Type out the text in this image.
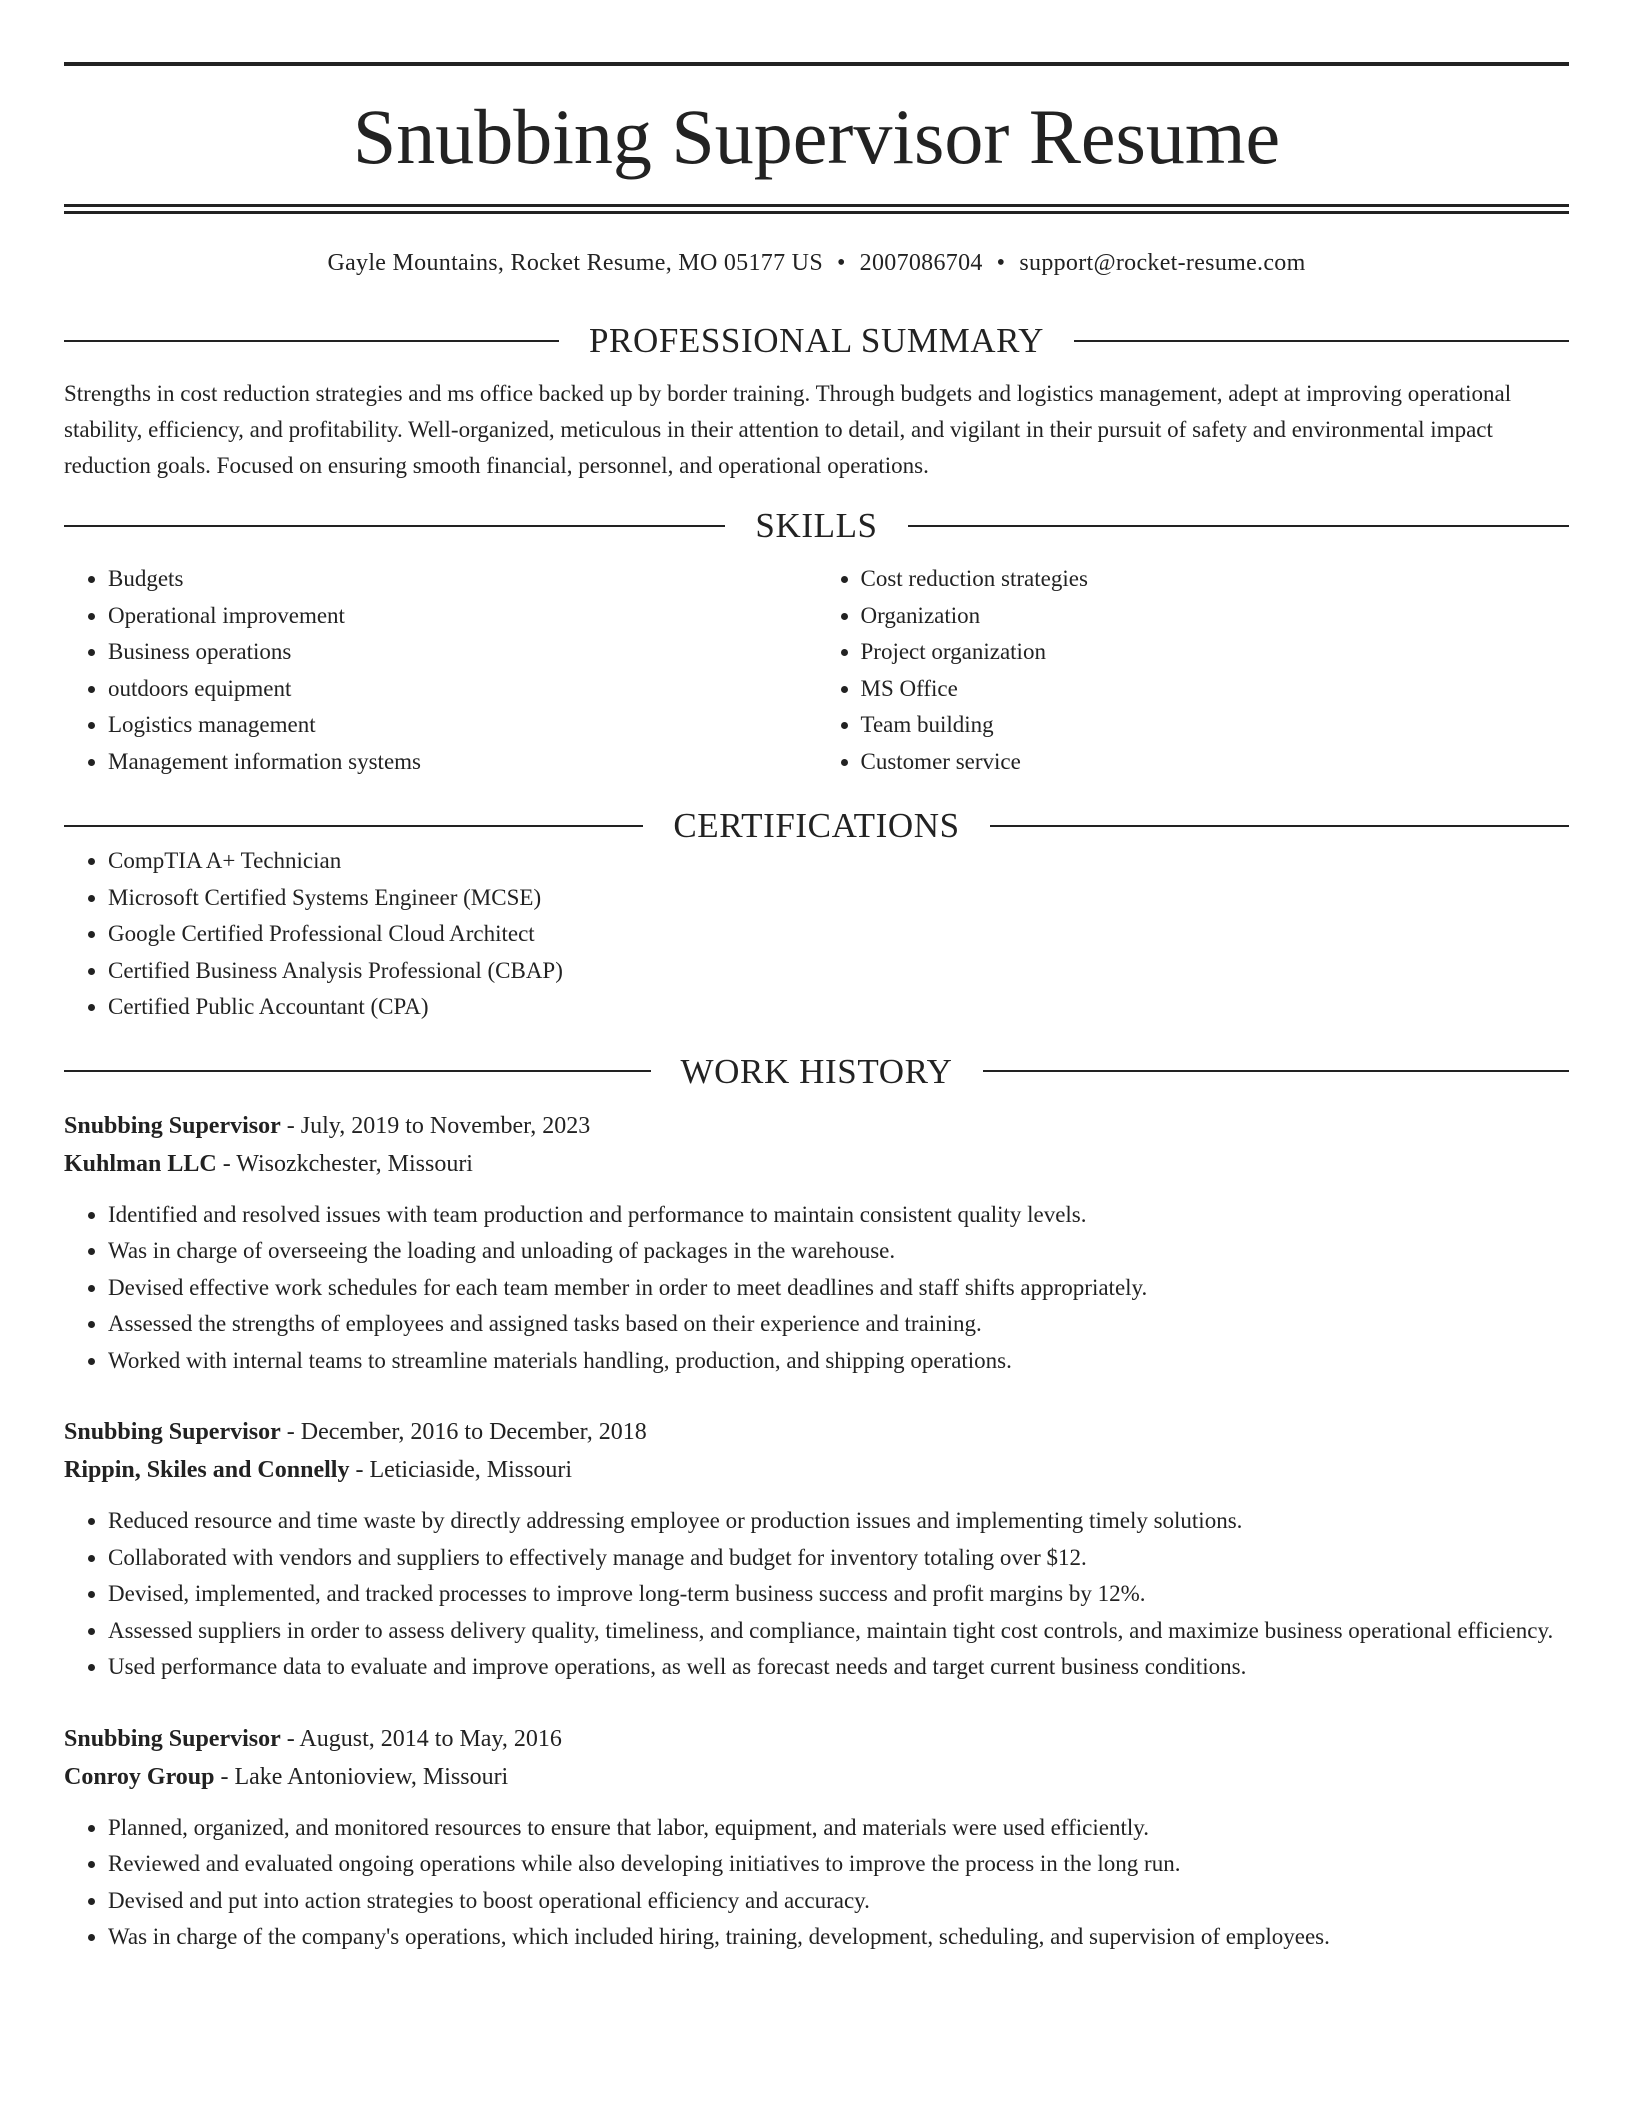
Snubbing Supervisor Resume
Gayle Mountains, Rocket Resume, MO 05177 US • 2007086704 • support@rocket-resume.com
PROFESSIONAL SUMMARY

Strengths in cost reduction strategies and ms office backed up by border training. Through budgets and logistics management, adept at improving operational stability, efficiency, and profitability. Well-organized, meticulous in their attention to detail, and vigilant in their pursuit of safety and environmental impact reduction goals. Focused on ensuring smooth financial, personnel, and operational operations.

SKILLS
• Budgets
• Operational improvement
• Business operations
• outdoors equipment
• Logistics management
• Management information systems
• Cost reduction strategies
• Organization
• Project organization
• MS Office
• Team building
• Customer service
CERTIFICATIONS
• CompTIA A+ Technician
• Microsoft Certified Systems Engineer (MCSE)
• Google Certified Professional Cloud Architect
• Certified Business Analysis Professional (CBAP)
• Certified Public Accountant (CPA)
WORK HISTORY
Snubbing Supervisor - July, 2019 to November, 2023
Kuhlman LLC - Wisozkchester, Missouri
• Identified and resolved issues with team production and performance to maintain consistent quality levels.
• Was in charge of overseeing the loading and unloading of packages in the warehouse.
• Devised effective work schedules for each team member in order to meet deadlines and staff shifts appropriately.
• Assessed the strengths of employees and assigned tasks based on their experience and training.
• Worked with internal teams to streamline materials handling, production, and shipping operations.
Snubbing Supervisor - December, 2016 to December, 2018
Rippin, Skiles and Connelly - Leticiaside, Missouri
• Reduced resource and time waste by directly addressing employee or production issues and implementing timely solutions.
• Collaborated with vendors and suppliers to effectively manage and budget for inventory totaling over $12.
• Devised, implemented, and tracked processes to improve long-term business success and profit margins by 12%.
• Assessed suppliers in order to assess delivery quality, timeliness, and compliance, maintain tight cost controls, and maximize business operational efficiency.
• Used performance data to evaluate and improve operations, as well as forecast needs and target current business conditions.
Snubbing Supervisor - August, 2014 to May, 2016
Conroy Group - Lake Antonioview, Missouri
• Planned, organized, and monitored resources to ensure that labor, equipment, and materials were used efficiently.
• Reviewed and evaluated ongoing operations while also developing initiatives to improve the process in the long run.
• Devised and put into action strategies to boost operational efficiency and accuracy.
• Was in charge of the company's operations, which included hiring, training, development, scheduling, and supervision of employees.
